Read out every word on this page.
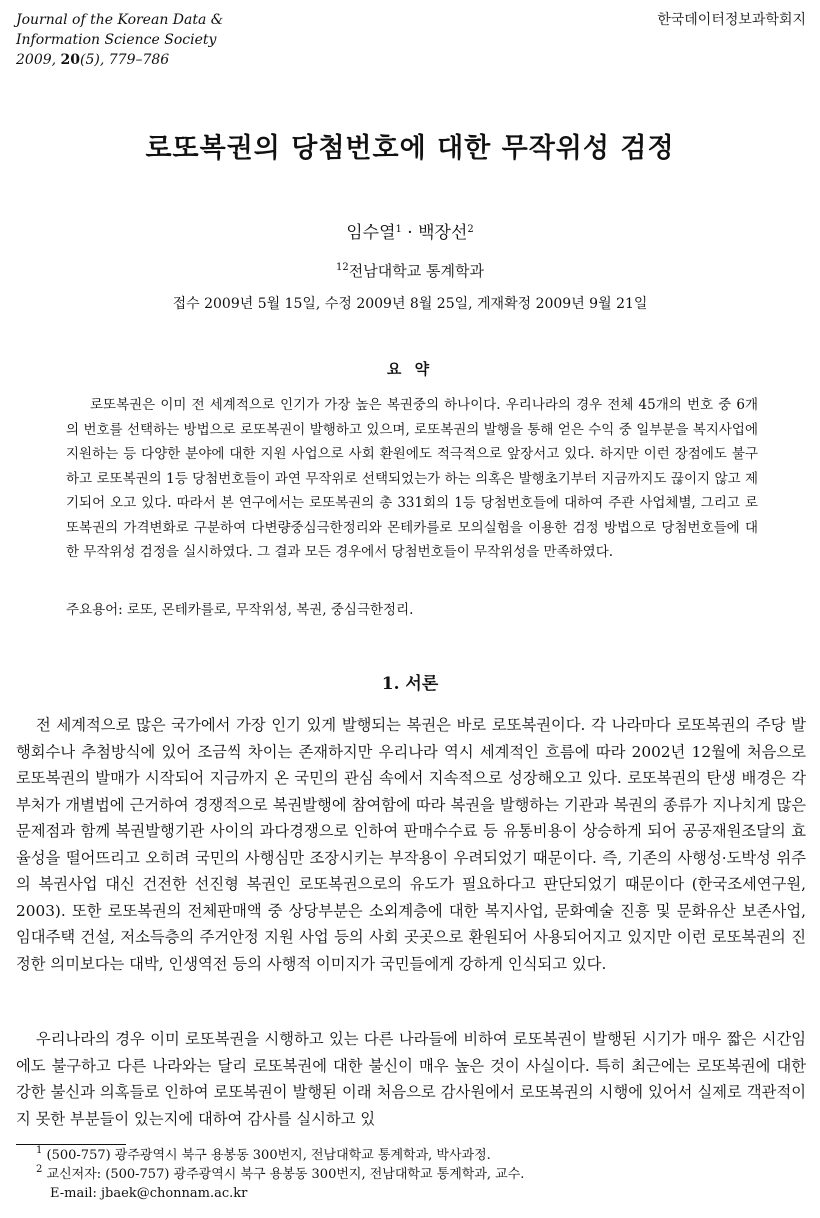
Journal of the Korean Data &
Information Science Society
2009, 20(5), 779–786
한국데이터정보과학회지
로또복권의 당첨번호에 대한 무작위성 검정
임수열$^1$ · 백장선$^2$
$^{12}$전남대학교 통계학과
접수 2009년 5월 15일, 수정 2009년 8월 25일, 게재확정 2009년 9월 21일
요 약

로또복권은 이미 전 세계적으로 인기가 가장 높은 복권중의 하나이다. 우리나라의 경우 전체 45개의 번호 중 6개의 번호를 선택하는 방법으로 로또복권이 발행하고 있으며, 로또복권의 발행을 통해 얻은 수익 중 일부분을 복지사업에 지원하는 등 다양한 분야에 대한 지원 사업으로 사회 환원에도 적극적으로 앞장서고 있다. 하지만 이런 장점에도 불구하고 로또복권의 1등 당첨번호들이 과연 무작위로 선택되었는가 하는 의혹은 발행초기부터 지금까지도 끊이지 않고 제기되어 오고 있다. 따라서 본 연구에서는 로또복권의 총 331회의 1등 당첨번호들에 대하여 주관 사업체별, 그리고 로또복권의 가격변화로 구분하여 다변량중심극한정리와 몬테카를로 모의실험을 이용한 검정 방법으로 당첨번호들에 대한 무작위성 검정을 실시하였다. 그 결과 모든 경우에서 당첨번호들이 무작위성을 만족하였다.

주요용어: 로또, 몬테카를로, 무작위성, 복권, 중심극한정리.
1. 서론

전 세계적으로 많은 국가에서 가장 인기 있게 발행되는 복권은 바로 로또복권이다. 각 나라마다 로또복권의 주당 발행회수나 추첨방식에 있어 조금씩 차이는 존재하지만 우리나라 역시 세계적인 흐름에 따라 2002년 12월에 처음으로 로또복권의 발매가 시작되어 지금까지 온 국민의 관심 속에서 지속적으로 성장해오고 있다. 로또복권의 탄생 배경은 각 부처가 개별법에 근거하여 경쟁적으로 복권발행에 참여함에 따라 복권을 발행하는 기관과 복권의 종류가 지나치게 많은 문제점과 함께 복권발행기관 사이의 과다경쟁으로 인하여 판매수수료 등 유통비용이 상승하게 되어 공공재원조달의 효율성을 떨어뜨리고 오히려 국민의 사행심만 조장시키는 부작용이 우려되었기 때문이다. 즉, 기존의 사행성·도박성 위주의 복권사업 대신 건전한 선진형 복권인 로또복권으로의 유도가 필요하다고 판단되었기 때문이다 (한국조세연구원, 2003). 또한 로또복권의 전체판매액 중 상당부분은 소외계층에 대한 복지사업, 문화예술 진흥 및 문화유산 보존사업, 임대주택 건설, 저소득층의 주거안정 지원 사업 등의 사회 곳곳으로 환원되어 사용되어지고 있지만 이런 로또복권의 진정한 의미보다는 대박, 인생역전 등의 사행적 이미지가 국민들에게 강하게 인식되고 있다.

우리나라의 경우 이미 로또복권을 시행하고 있는 다른 나라들에 비하여 로또복권이 발행된 시기가 매우 짧은 시간임에도 불구하고 다른 나라와는 달리 로또복권에 대한 불신이 매우 높은 것이 사실이다. 특히 최근에는 로또복권에 대한 강한 불신과 의혹들로 인하여 로또복권이 발행된 이래 처음으로 감사원에서 로또복권의 시행에 있어서 실제로 객관적이지 못한 부분들이 있는지에 대하여 감사를 실시하고 있

$^1$ (500-757) 광주광역시 북구 용봉동 300번지, 전남대학교 통계학과, 박사과정.
$^2$ 교신저자: (500-757) 광주광역시 북구 용봉동 300번지, 전남대학교 통계학과, 교수.
E-mail: jbaek@chonnam.ac.kr
